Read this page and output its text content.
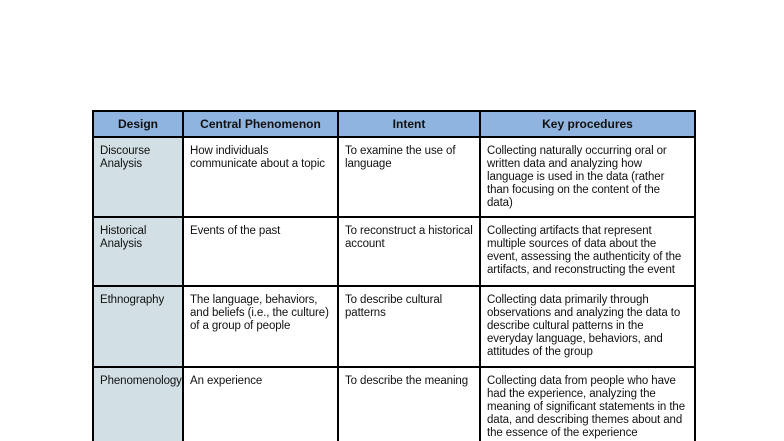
Design	Central Phenomenon	Intent	Key procedures
Discourse Analysis	How individuals communicate about a topic	To examine the use of language	Collecting naturally occurring oral or written data and analyzing how language is used in the data (rather than focusing on the content of the data)
Historical Analysis	Events of the past	To reconstruct a historical account	Collecting artifacts that represent multiple sources of data about the event, assessing the authenticity of the artifacts, and reconstructing the event
Ethnography	The language, behaviors, and beliefs (i.e., the culture) of a group of people	To describe cultural patterns	Collecting data primarily through observations and analyzing the data to describe cultural patterns in the everyday language, behaviors, and attitudes of the group
Phenomenology	An experience	To describe the meaning	Collecting data from people who have had the experience, analyzing the meaning of significant statements in the data, and describing themes about and the essence of the experience
